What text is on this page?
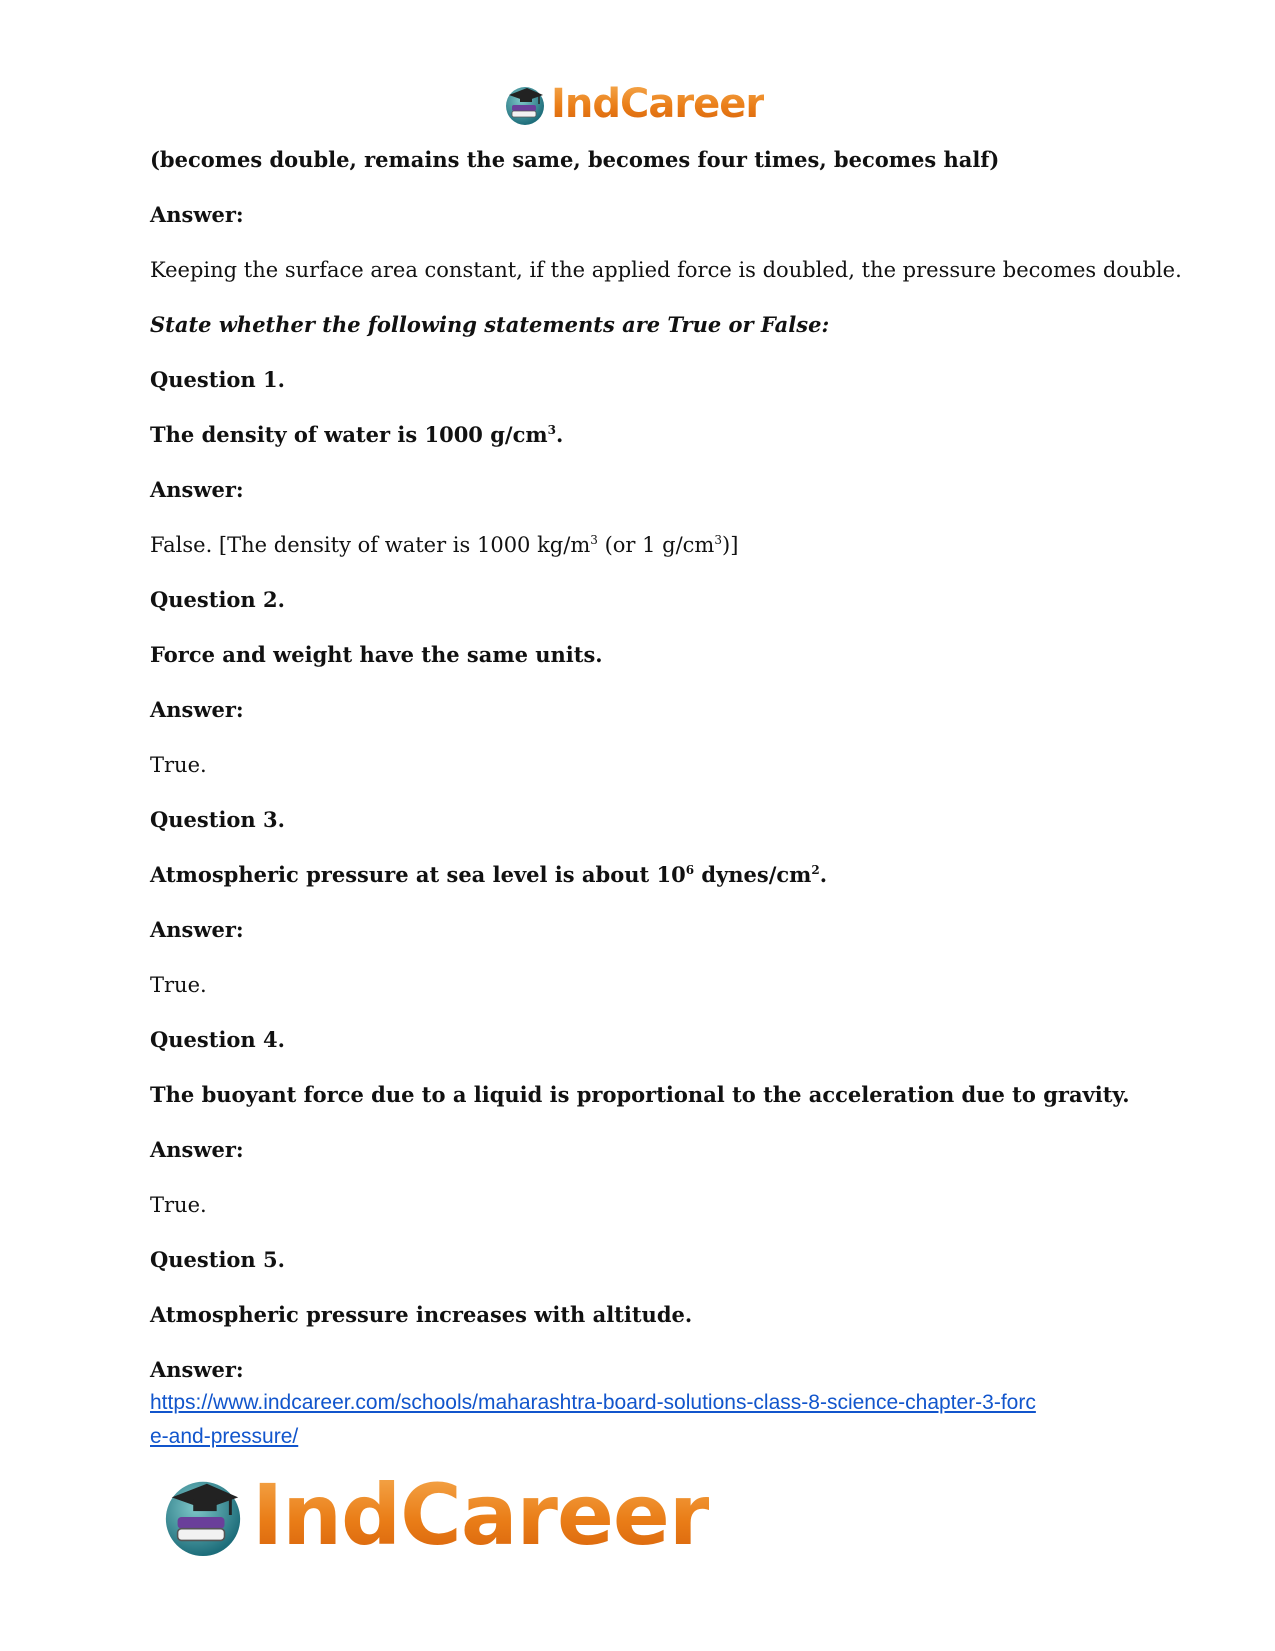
IndCareer

(becomes double, remains the same, becomes four times, becomes half)

Answer:

Keeping the surface area constant, if the applied force is doubled, the pressure becomes double.

State whether the following statements are True or False:

Question 1.

The density of water is 1000 $g/cm^3$.

Answer:

False. [The density of water is 1000 $kg/m^3$ (or 1 $g/cm^3$)]

Question 2.

Force and weight have the same units.

Answer:

True.

Question 3.

Atmospheric pressure at sea level is about $10^6$ dynes/$cm^2$.

Answer:

True.

Question 4.

The buoyant force due to a liquid is proportional to the acceleration due to gravity.

Answer:

True.

Question 5.

Atmospheric pressure increases with altitude.

Answer:

https://www.indcareer.com/schools/maharashtra-board-solutions-class-8-science-chapter-3-forc
e-and-pressure/
IndCareer
